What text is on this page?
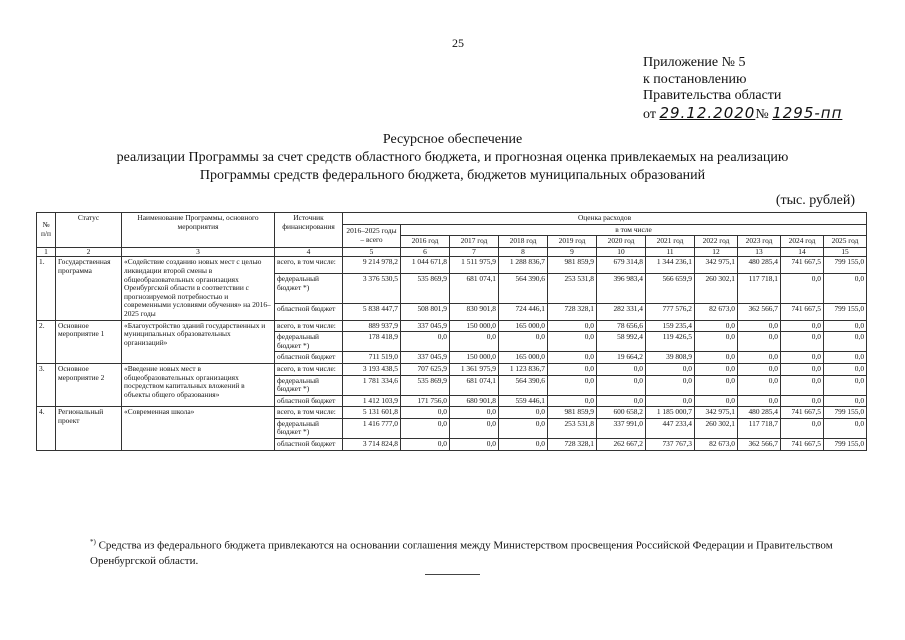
25
Приложение № 5
к постановлению
Правительства области
от 29.12.2020№ 1295-пп
Ресурсное обеспечение
реализации Программы за счет средств областного бюджета, и прогнозная оценка привлекаемых на реализацию
Программы средств федерального бюджета, бюджетов муниципальных образований
(тыс. рублей)
№ п/п	Статус	Наименование Программы, основного мероприятия	Источник финансирования	Оценка расходов										
				2016–2025 годы – всего	в том числе									
					2016 год	2017 год	2018 год	2019 год	2020 год	2021 год	2022 год	2023 год	2024 год	2025 год
1	2	3	4	5	6	7	8	9	10	11	12	13	14	15
1.	Государственная программа	«Содействие созданию новых мест с целью ликвидации второй смены в общеобразовательных организациях Оренбургской области в соответствии с прогнозируемой потребностью и современными условиями обучения» на 2016–2025 годы	всего, в том числе:	9 214 978,2	1 044 671,8	1 511 975,9	1 288 836,7	981 859,9	679 314,8	1 344 236,1	342 975,1	480 285,4	741 667,5	799 155,0
			федеральный бюджет *)	3 376 530,5	535 869,9	681 074,1	564 390,6	253 531,8	396 983,4	566 659,9	260 302,1	117 718,1	0,0	0,0
			областной бюджет	5 838 447,7	508 801,9	830 901,8	724 446,1	728 328,1	282 331,4	777 576,2	82 673,0	362 566,7	741 667,5	799 155,0
2.	Основное мероприятие 1	«Благоустройство зданий государственных и муниципальных образовательных организаций»	всего, в том числе:	889 937,9	337 045,9	150 000,0	165 000,0	0,0	78 656,6	159 235,4	0,0	0,0	0,0	0,0
			федеральный бюджет *)	178 418,9	0,0	0,0	0,0	0,0	58 992,4	119 426,5	0,0	0,0	0,0	0,0
			областной бюджет	711 519,0	337 045,9	150 000,0	165 000,0	0,0	19 664,2	39 808,9	0,0	0,0	0,0	0,0
3.	Основное мероприятие 2	«Введение новых мест в общеобразовательных организациях посредством капитальных вложений в объекты общего образования»	всего, в том числе:	3 193 438,5	707 625,9	1 361 975,9	1 123 836,7	0,0	0,0	0,0	0,0	0,0	0,0	0,0
			федеральный бюджет *)	1 781 334,6	535 869,9	681 074,1	564 390,6	0,0	0,0	0,0	0,0	0,0	0,0	0,0
			областной бюджет	1 412 103,9	171 756,0	680 901,8	559 446,1	0,0	0,0	0,0	0,0	0,0	0,0	0,0
4.	Региональный проект	«Современная школа»	всего, в том числе:	5 131 601,8	0,0	0,0	0,0	981 859,9	600 658,2	1 185 000,7	342 975,1	480 285,4	741 667,5	799 155,0
			федеральный бюджет *)	1 416 777,0	0,0	0,0	0,0	253 531,8	337 991,0	447 233,4	260 302,1	117 718,7	0,0	0,0
			областной бюджет	3 714 824,8	0,0	0,0	0,0	728 328,1	262 667,2	737 767,3	82 673,0	362 566,7	741 667,5	799 155,0
*) Средства из федерального бюджета привлекаются на основании соглашения между Министерством просвещения Российской Федерации и Правительством Оренбургской области.
